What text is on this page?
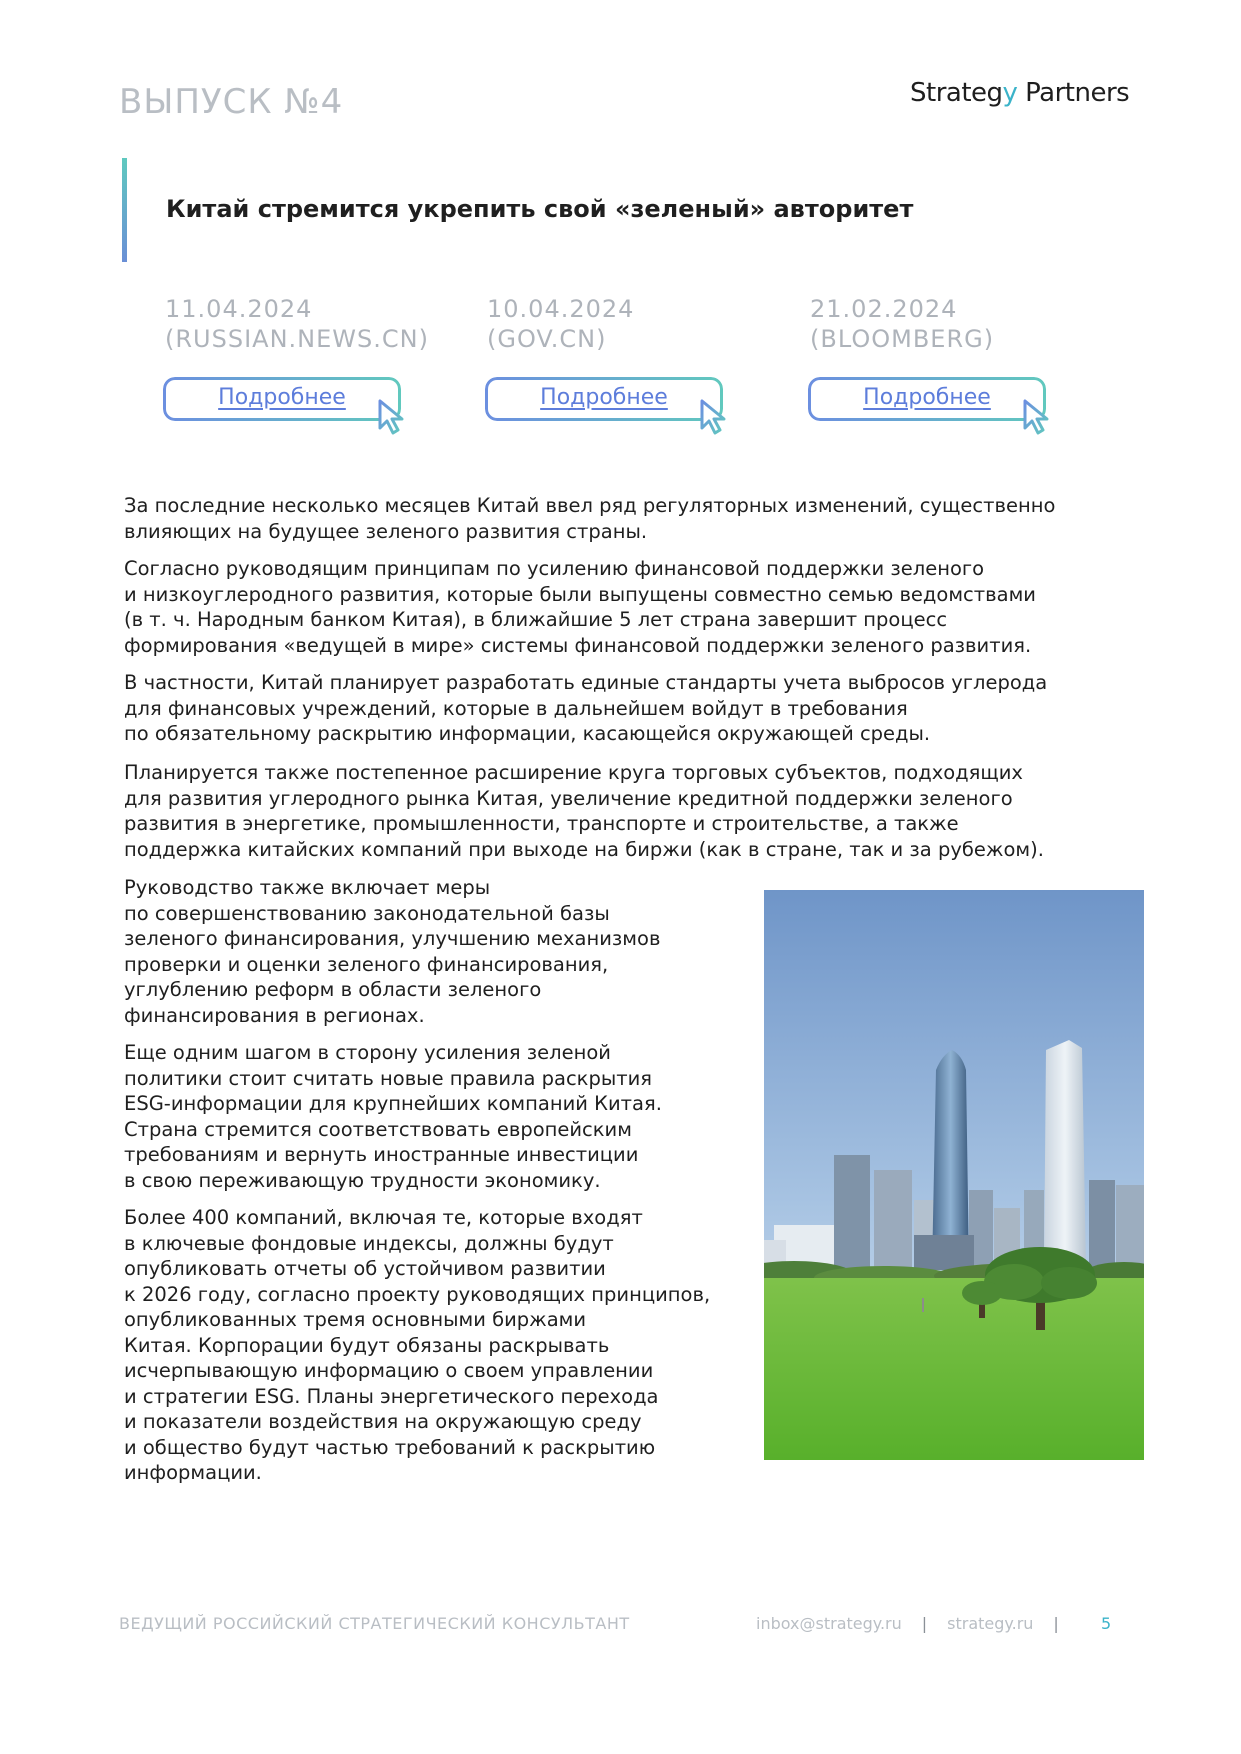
ВЫПУСК №4	Strategy Partners
Китай стремится укрепить свой «зеленый» авторитет
11.04.2024
(RUSSIAN.NEWS.CN)
Подробнее
10.04.2024
(GOV.CN)
Подробнее
21.02.2024
(BLOOMBERG)
Подробнее

За последние несколько месяцев Китай ввел ряд регуляторных изменений, существенно
влияющих на будущее зеленого развития страны.

Согласно руководящим принципам по усилению финансовой поддержки зеленого
и низкоуглеродного развития, которые были выпущены совместно семью ведомствами
(в т. ч. Народным банком Китая), в ближайшие 5 лет страна завершит процесс
формирования «ведущей в мире» системы финансовой поддержки зеленого развития.

В частности, Китай планирует разработать единые стандарты учета выбросов углерода
для финансовых учреждений, которые в дальнейшем войдут в требования
по обязательному раскрытию информации, касающейся окружающей среды.

Планируется также постепенное расширение круга торговых субъектов, подходящих
для развития углеродного рынка Китая, увеличение кредитной поддержки зеленого
развития в энергетике, промышленности, транспорте и строительстве, а также
поддержка китайских компаний при выходе на биржи (как в стране, так и за рубежом).

Руководство также включает меры
по совершенствованию законодательной базы
зеленого финансирования, улучшению механизмов
проверки и оценки зеленого финансирования,
углублению реформ в области зеленого
финансирования в регионах.

Еще одним шагом в сторону усиления зеленой
политики стоит считать новые правила раскрытия
ESG-информации для крупнейших компаний Китая.
Страна стремится соответствовать европейским
требованиям и вернуть иностранные инвестиции
в свою переживающую трудности экономику.

Более 400 компаний, включая те, которые входят
в ключевые фондовые индексы, должны будут
опубликовать отчеты об устойчивом развитии
к 2026 году, согласно проекту руководящих принципов,
опубликованных тремя основными биржами
Китая. Корпорации будут обязаны раскрывать
исчерпывающую информацию о своем управлении
и стратегии ESG. Планы энергетического перехода
и показатели воздействия на окружающую среду
и общество будут частью требований к раскрытию
информации.

ВЕДУЩИЙ РОССИЙСКИЙ СТРАТЕГИЧЕСКИЙ КОНСУЛЬТАНТ	inbox@strategy.ru | strategy.ru |	5
